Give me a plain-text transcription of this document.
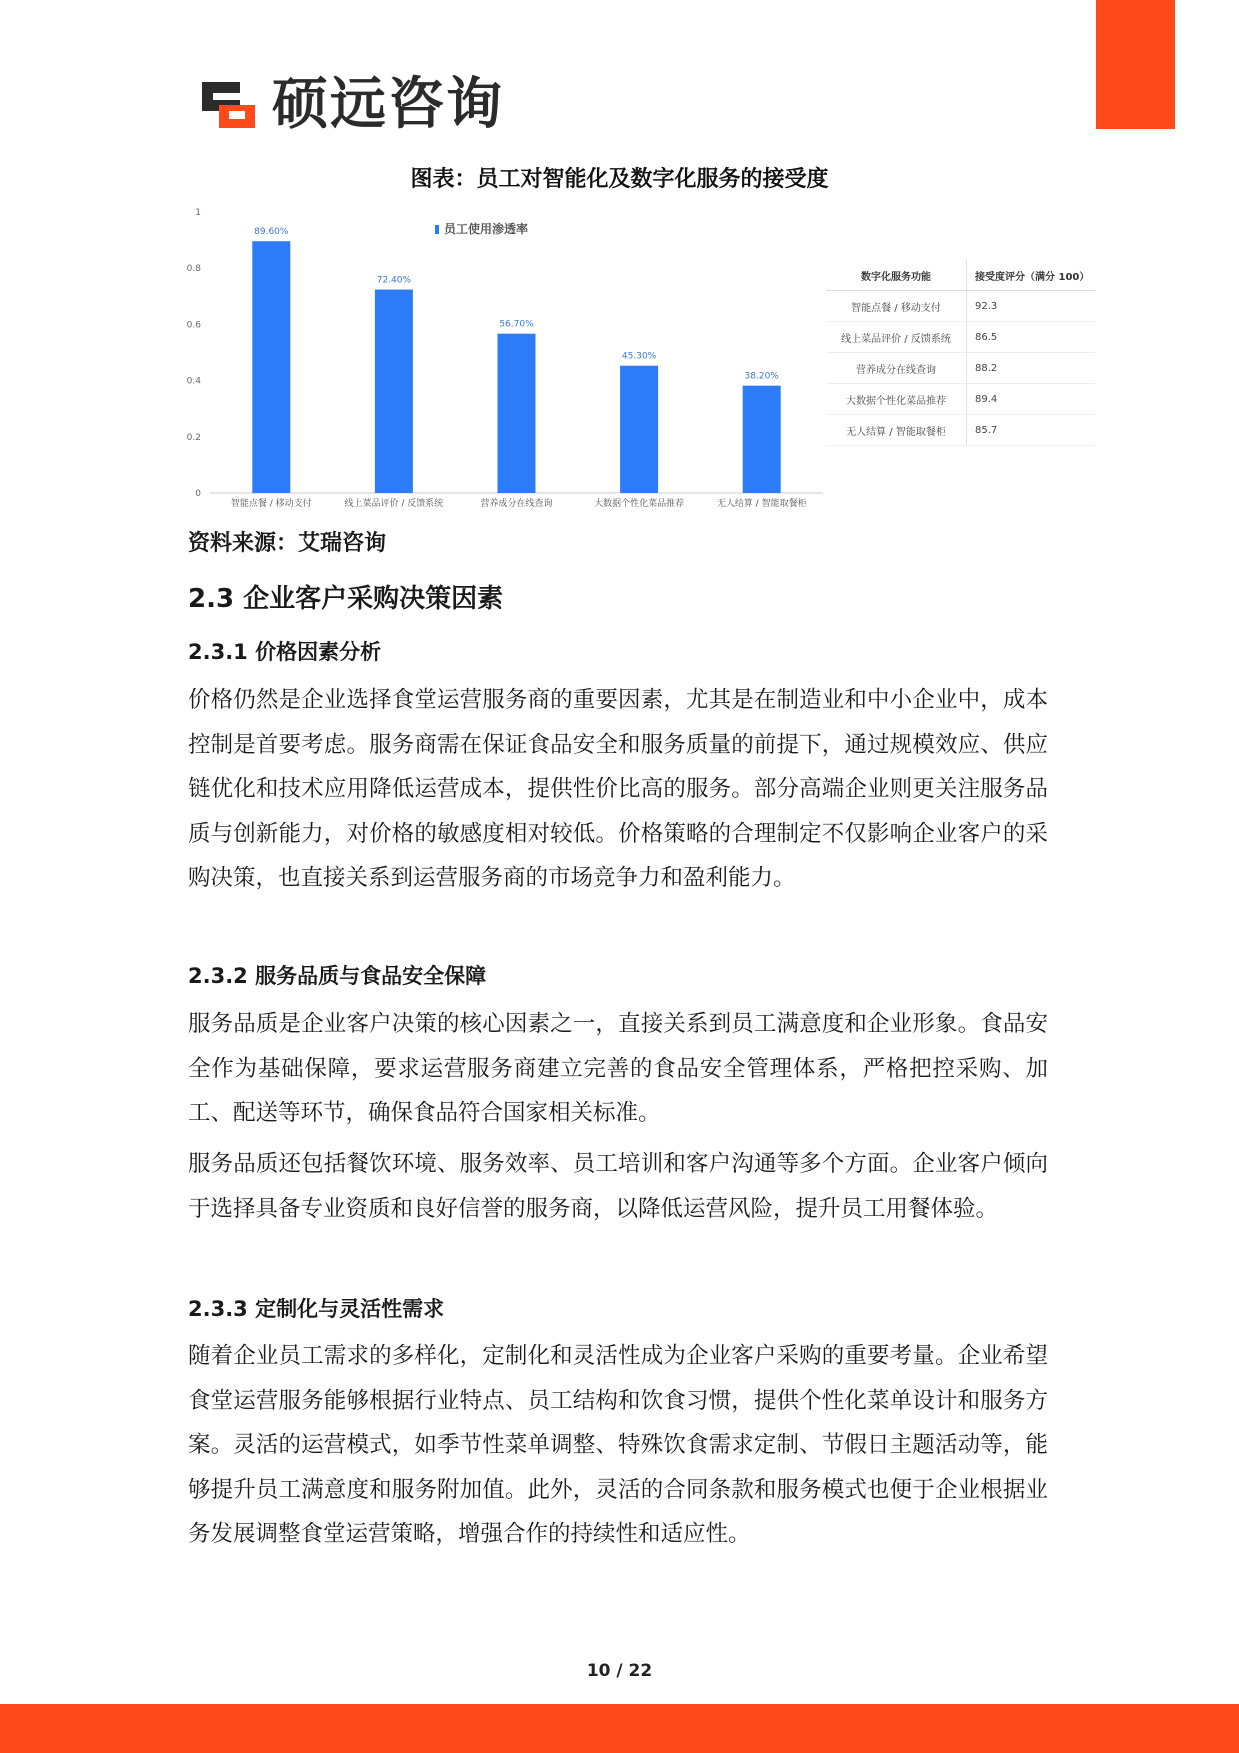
硕远咨询
图表：员工对智能化及数字化服务的接受度
0
0.2
0.4
0.6
0.8
1
89.60%
智能点餐 / 移动支付
72.40%
线上菜品评价 / 反馈系统
56.70%
营养成分在线查询
45.30%
大数据个性化菜品推荐
38.20%
无人结算 / 智能取餐柜
员工使用渗透率
数字化服务功能	接受度评分（满分 100）
智能点餐 / 移动支付	92.3
线上菜品评价 / 反馈系统	86.5
营养成分在线查询	88.2
大数据个性化菜品推荐	89.4
无人结算 / 智能取餐柜	85.7
资料来源：艾瑞咨询
2.3 企业客户采购决策因素
2.3.1 价格因素分析

价格仍然是企业选择食堂运营服务商的重要因素，尤其是在制造业和中小企业中，成本控制是首要考虑。服务商需在保证食品安全和服务质量的前提下，通过规模效应、供应链优化和技术应用降低运营成本，提供性价比高的服务。部分高端企业则更关注服务品质与创新能力，对价格的敏感度相对较低。价格策略的合理制定不仅影响企业客户的采购决策，也直接关系到运营服务商的市场竞争力和盈利能力。

2.3.2 服务品质与食品安全保障

服务品质是企业客户决策的核心因素之一，直接关系到员工满意度和企业形象。食品安全作为基础保障，要求运营服务商建立完善的食品安全管理体系，严格把控采购、加工、配送等环节，确保食品符合国家相关标准。

服务品质还包括餐饮环境、服务效率、员工培训和客户沟通等多个方面。企业客户倾向于选择具备专业资质和良好信誉的服务商，以降低运营风险，提升员工用餐体验。

2.3.3 定制化与灵活性需求

随着企业员工需求的多样化，定制化和灵活性成为企业客户采购的重要考量。企业希望食堂运营服务能够根据行业特点、员工结构和饮食习惯，提供个性化菜单设计和服务方案。灵活的运营模式，如季节性菜单调整、特殊饮食需求定制、节假日主题活动等，能够提升员工满意度和服务附加值。此外，灵活的合同条款和服务模式也便于企业根据业务发展调整食堂运营策略，增强合作的持续性和适应性。

10 / 22
